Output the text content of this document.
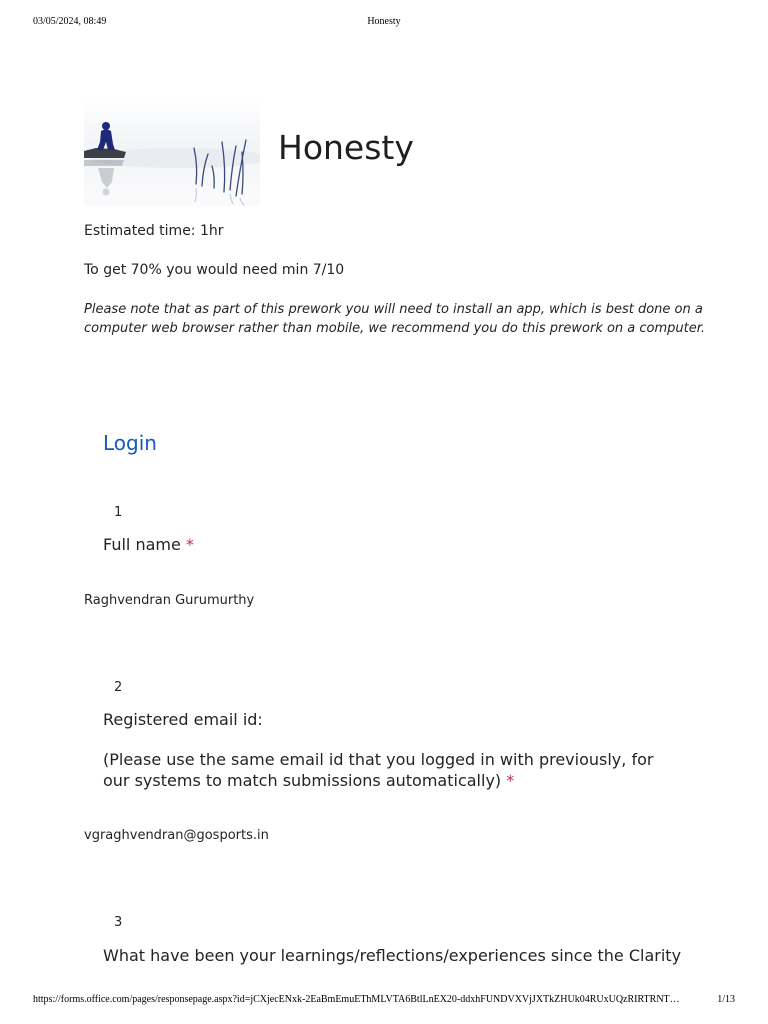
03/05/2024, 08:49	Honesty
Honesty

Estimated time: 1hr

To get 70% you would need min 7/10

Please note that as part of this prework you will need to install an app, which is best done on a computer web browser rather than mobile, we recommend you do this prework on a computer.

Login
1

Full name *

Raghvendran Gurumurthy
2

Registered email id:

(Please use the same email id that you logged in with previously, for our systems to match submissions automatically) *

vgraghvendran@gosports.in
3

What have been your learnings/reflections/experiences since the Clarity

https://forms.office.com/pages/responsepage.aspx?id=jCXjecENxk-2EaBmEmuEThMLVTA6BtlLnEX20-ddxhFUNDVXVjJXTkZHUk04RUxUQzRIRTRNT…	1/13
